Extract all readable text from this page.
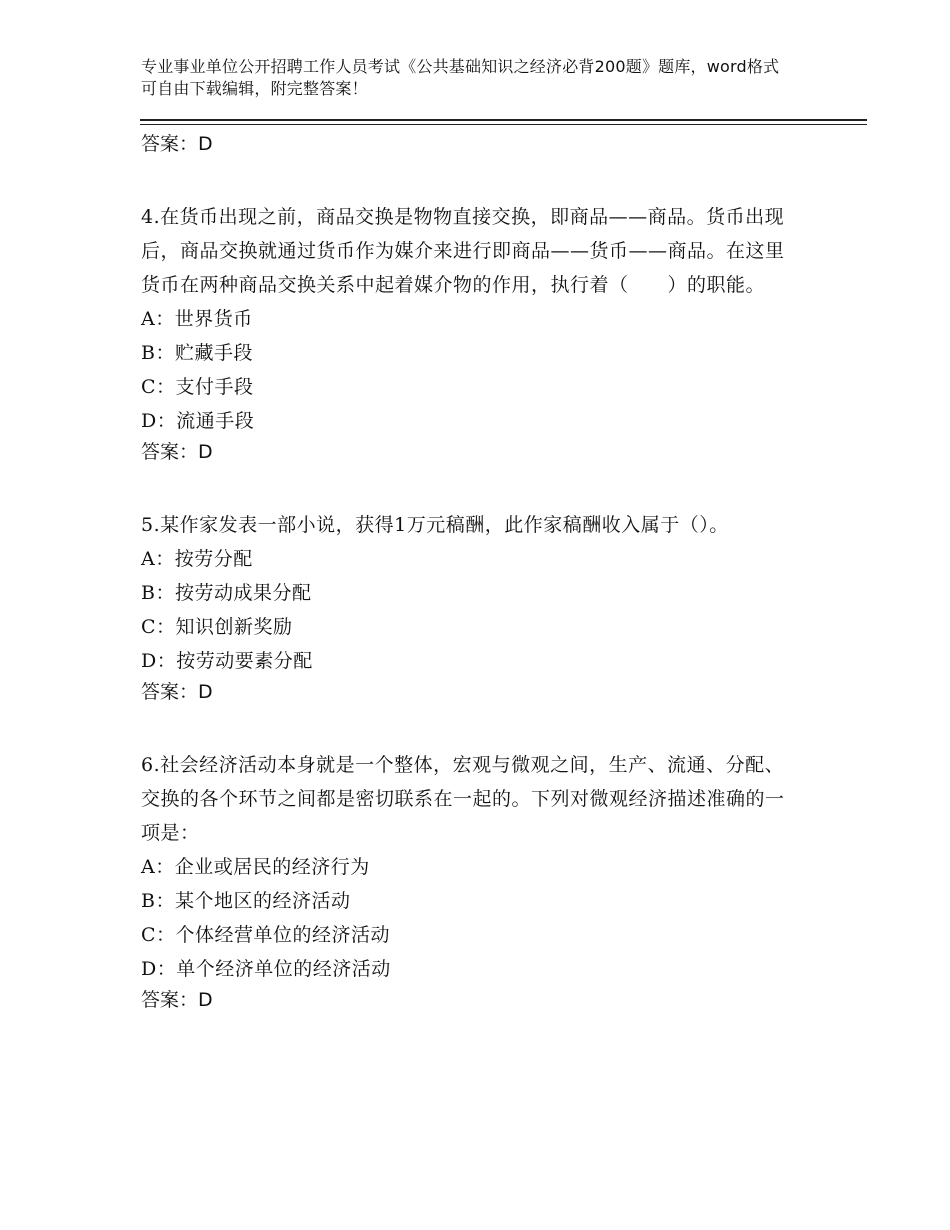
专业事业单位公开招聘工作人员考试《公共基础知识之经济必背200题》题库，word格式可自由下载编辑，附完整答案！
答案：D
4.在货币出现之前，商品交换是物物直接交换，即商品——商品。货币出现后，商品交换就通过货币作为媒介来进行即商品——货币——商品。在这里货币在两种商品交换关系中起着媒介物的作用，执行着（　　）的职能。
A：世界货币
B：贮藏手段
C：支付手段
D：流通手段
答案：D
5.某作家发表一部小说，获得1万元稿酬，此作家稿酬收入属于（）。
A：按劳分配
B：按劳动成果分配
C：知识创新奖励
D：按劳动要素分配
答案：D
6.社会经济活动本身就是一个整体，宏观与微观之间，生产、流通、分配、交换的各个环节之间都是密切联系在一起的。下列对微观经济描述准确的一项是：
A：企业或居民的经济行为
B：某个地区的经济活动
C：个体经营单位的经济活动
D：单个经济单位的经济活动
答案：D
